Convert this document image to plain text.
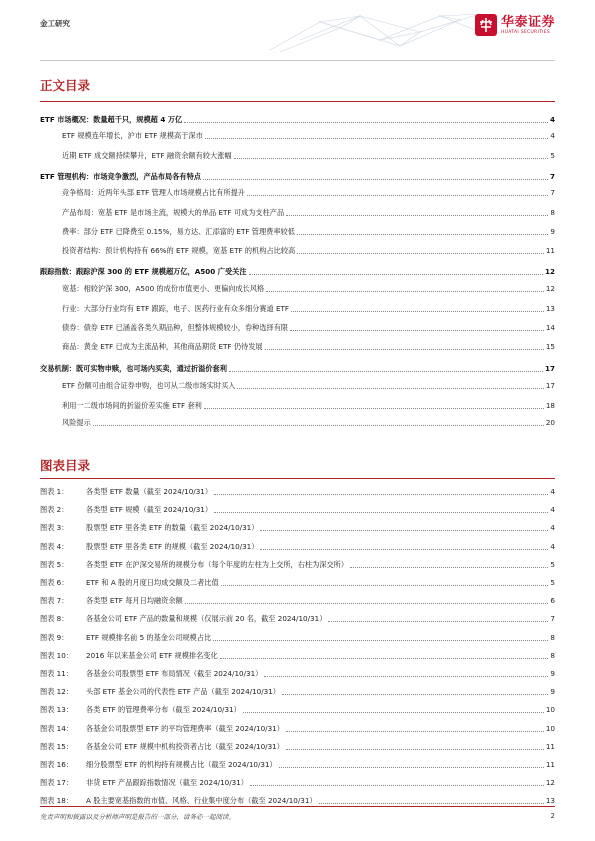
金工研究	华泰证券
HUATAI SECURITIES
正文目录
ETF 市场概况：数量超千只，规模超 4 万亿	4
ETF 规模连年增长，沪市 ETF 规模高于深市	4
近期 ETF 成交额持续攀升，ETF 融资余额有较大涨幅	5
ETF 管理机构：市场竞争激烈，产品布局各有特点	7
竞争格局：近两年头部 ETF 管理人市场规模占比有所提升	7
产品布局：宽基 ETF 是市场主流，规模大的单品 ETF 可成为支柱产品	8
费率：部分 ETF 已降费至 0.15%，易方达、汇添富的 ETF 管理费率较低	9
投资者结构：预计机构持有 66%的 ETF 规模，宽基 ETF 的机构占比较高	11
跟踪指数：跟踪沪深 300 的 ETF 规模超万亿，A500 广受关注	12
宽基：相较沪深 300，A500 的成份市值更小、更偏向成长风格	12
行业：大部分行业均有 ETF 跟踪，电子、医药行业有众多细分赛道 ETF	13
债券：债券 ETF 已涵盖各类久期品种，但整体规模较小，券种选择有限	14
商品：黄金 ETF 已成为主流品种，其他商品期货 ETF 仍待发展	15
交易机制：既可实物申赎，也可场内买卖，通过折溢价套利	17
ETF 份额可由组合证券申购，也可从二级市场实时买入	17
利用一二级市场间的折溢价差实施 ETF 套利	18
风险提示	20
图表目录
图表 1：	各类型 ETF 数量（截至 2024/10/31）	4
图表 2：	各类型 ETF 规模（截至 2024/10/31）	4
图表 3：	股票型 ETF 里各类 ETF 的数量（截至 2024/10/31）	4
图表 4：	股票型 ETF 里各类 ETF 的规模（截至 2024/10/31）	4
图表 5：	各类型 ETF 在沪深交易所的规模分布（每个年度的左柱为上交所，右柱为深交所）	5
图表 6：	ETF 和 A 股的月度日均成交额及二者比值	5
图表 7：	各类型 ETF 每月日均融资余额	6
图表 8：	各基金公司 ETF 产品的数量和规模（仅展示前 20 名，截至 2024/10/31）	7
图表 9：	ETF 规模排名前 5 的基金公司规模占比	8
图表 10：	2016 年以来基金公司 ETF 规模排名变化	8
图表 11：	各基金公司股票型 ETF 布局情况（截至 2024/10/31）	9
图表 12：	头部 ETF 基金公司的代表性 ETF 产品（截至 2024/10/31）	9
图表 13：	各类 ETF 的管理费率分布（截至 2024/10/31）	10
图表 14：	各基金公司股票型 ETF 的平均管理费率（截至 2024/10/31）	10
图表 15：	各基金公司 ETF 规模中机构投资者占比（截至 2024/10/31）	11
图表 16：	细分股票型 ETF 的机构持有规模占比（截至 2024/10/31）	11
图表 17：	非货 ETF 产品跟踪指数情况（截至 2024/10/31）	12
图表 18：	A 股主要宽基指数的市值、风格、行业集中度分布（截至 2024/10/31）	13
免责声明和披露以及分析师声明是报告的一部分，请务必一起阅读。	2
